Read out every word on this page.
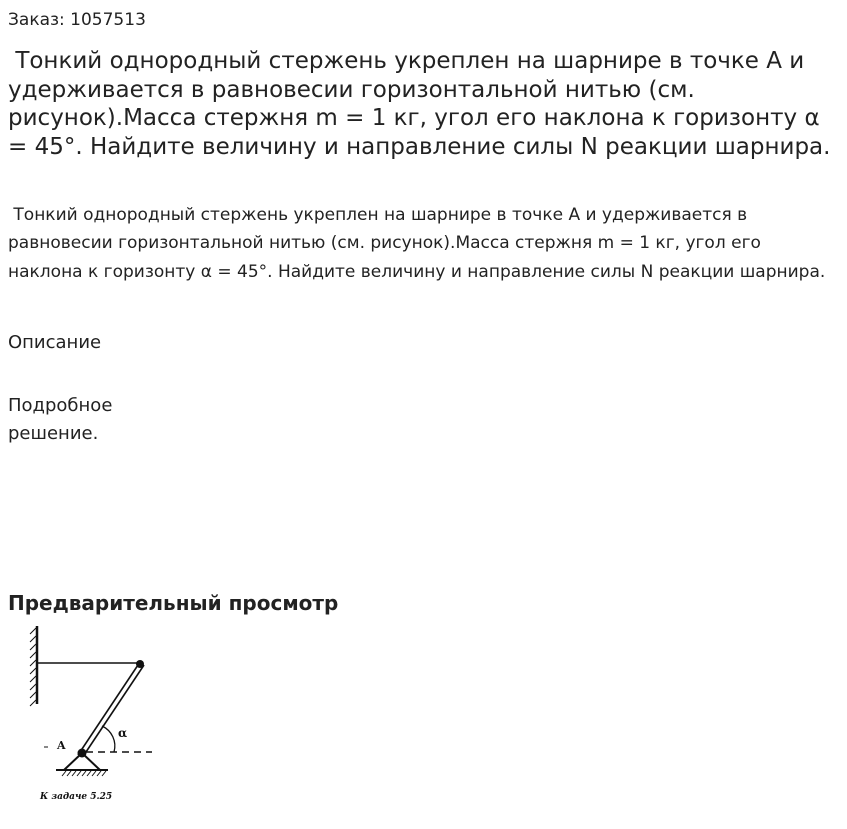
Заказ: 1057513
Тонкий однородный стержень укреплен на шарнире в точке A и удерживается в равновесии горизонтальной нитью (см. рисунок).Масса стержня m = 1 кг, угол его наклона к горизонту α = 45°. Найдите величину и направление силы N реакции шарнира.

Тонкий однородный стержень укреплен на шарнире в точке A и удерживается в равновесии горизонтальной нитью (см. рисунок).Масса стержня m = 1 кг, угол его наклона к горизонту α = 45°. Найдите величину и направление силы N реакции шарнира.

Описание
Подробное решение.
Предварительный просмотр
A
α
К задаче 5.25
